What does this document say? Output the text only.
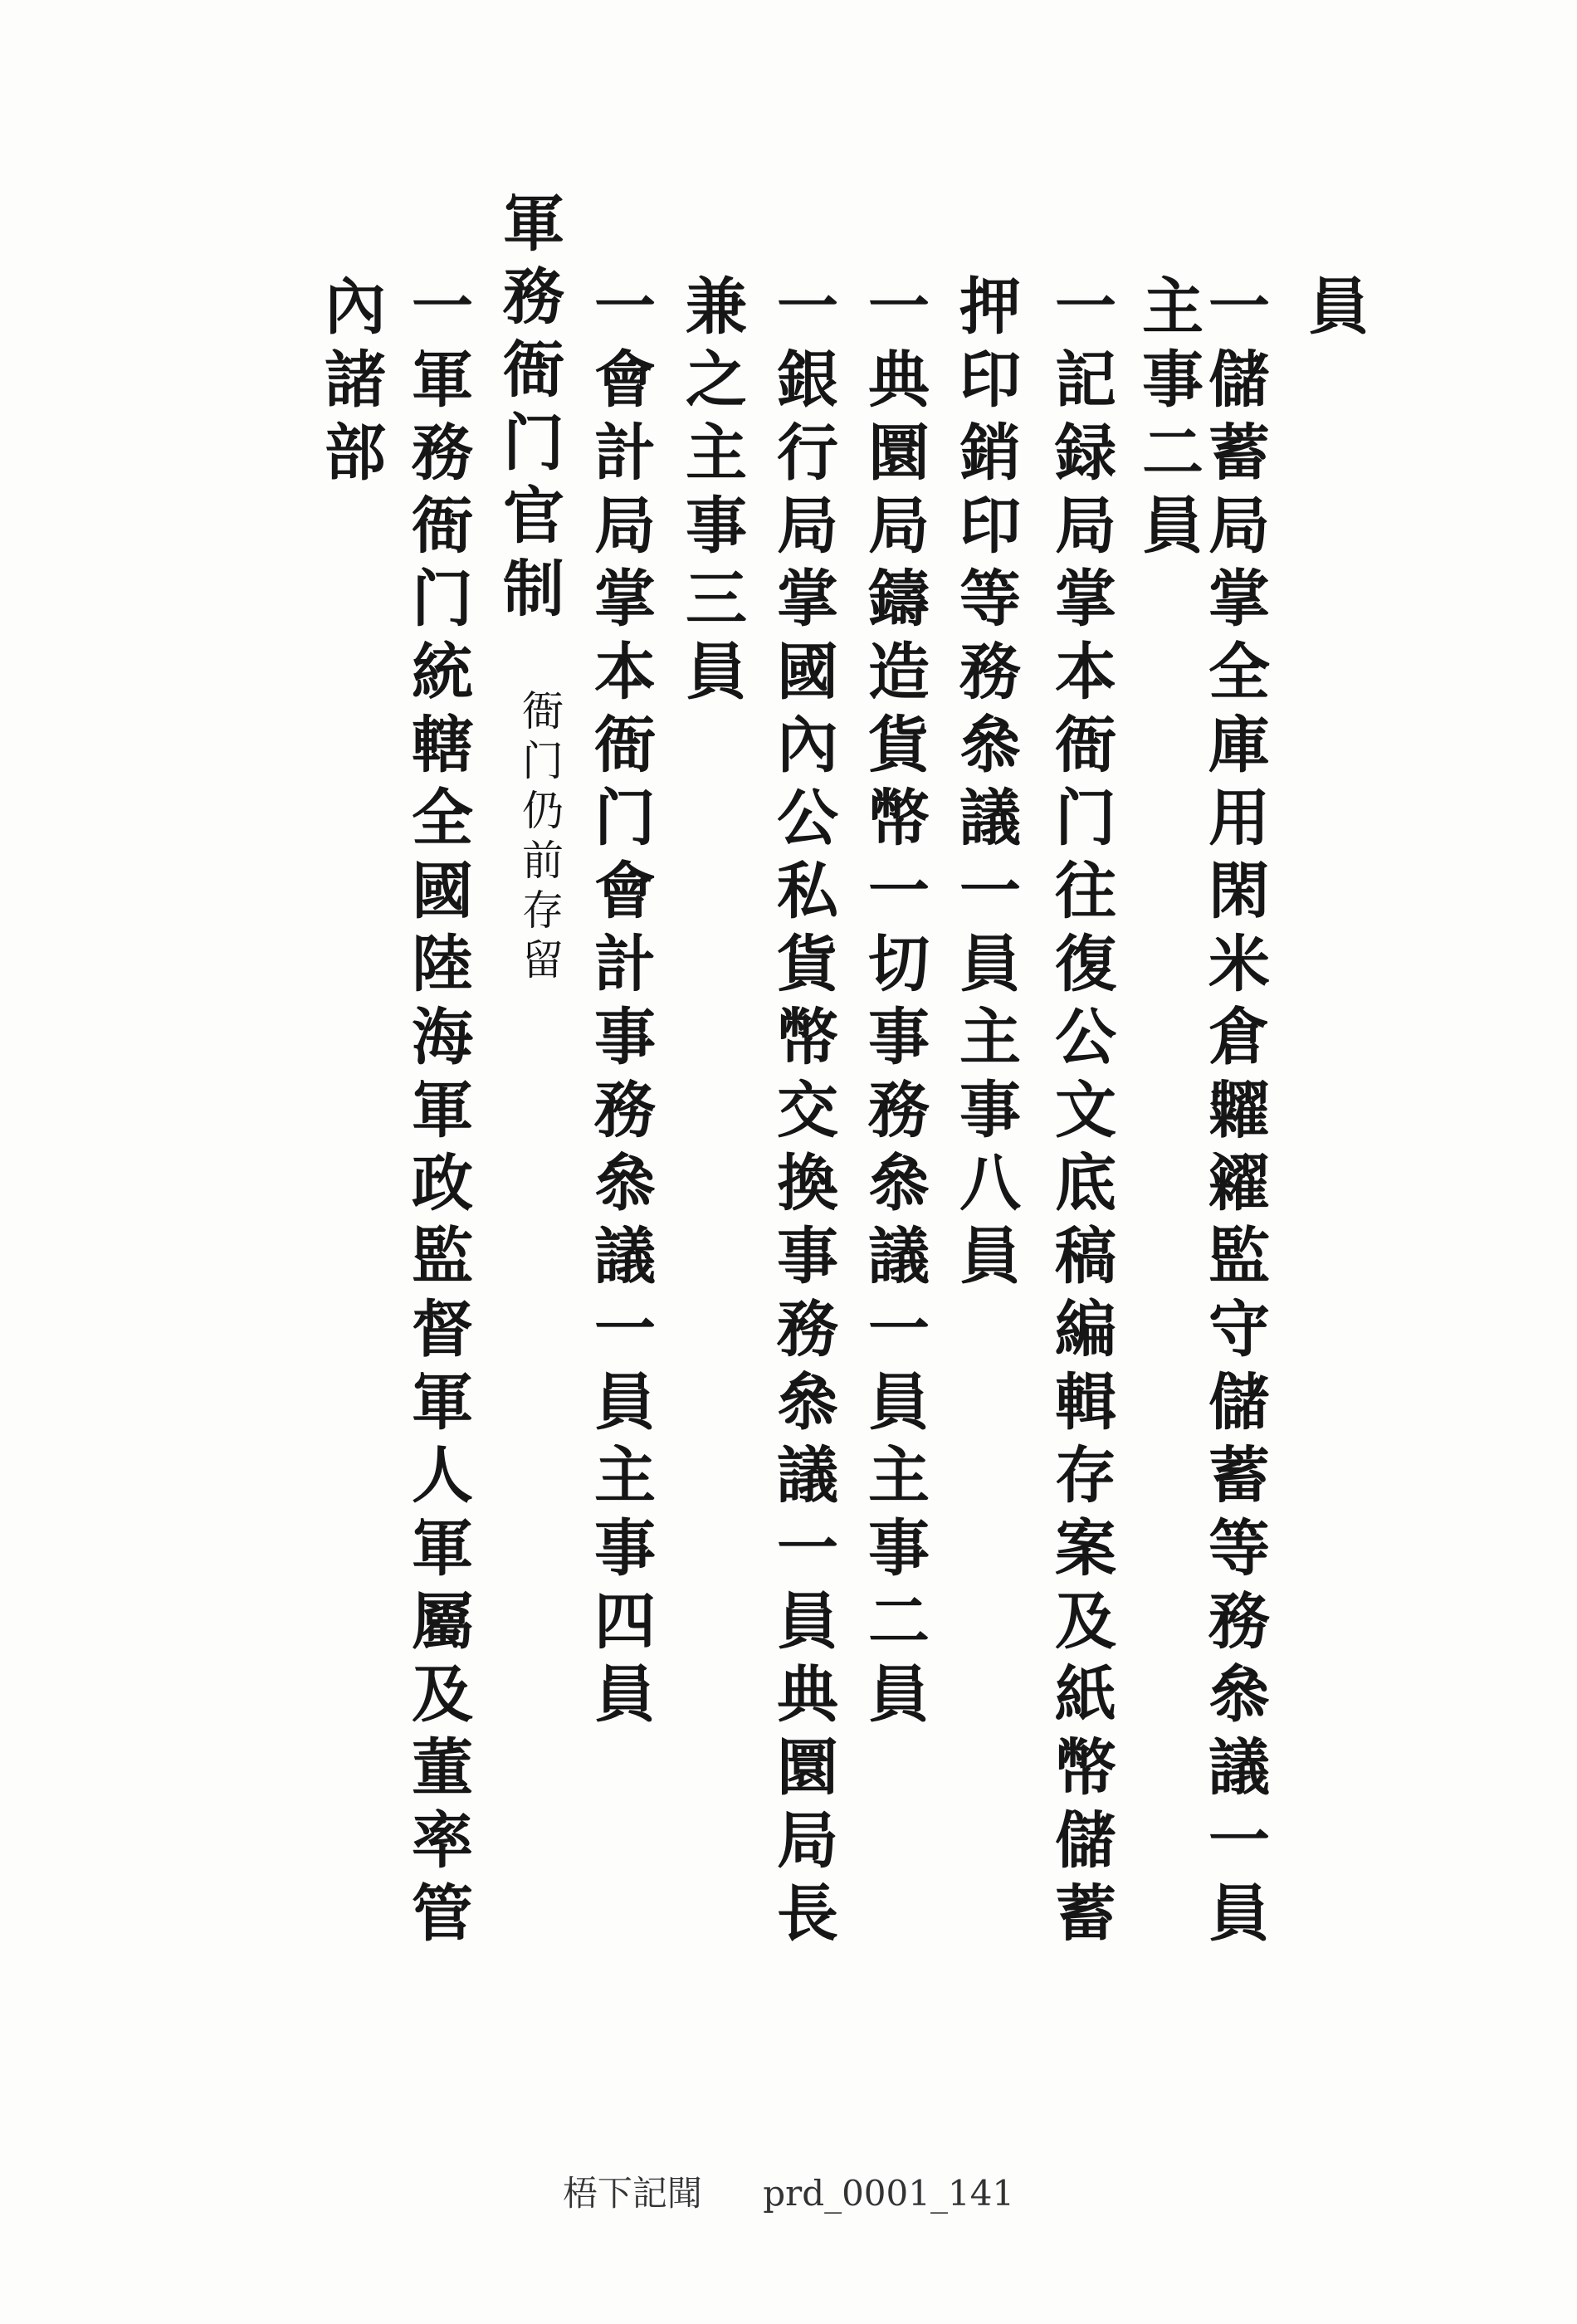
員
一儲蓄局掌全庫用閑米倉糶糴監守儲蓄等務叅議一員
主事二員
一記録局掌本衙门往復公文底稿編輯存案及紙幣儲蓄
押印銷印等務叅議一員主事八員
一典圜局鑄造貨幣一切事務叅議一員主事二員
一銀行局掌國內公私貨幣交換事務叅議一員典圜局長
兼之主事三員
一會計局掌本衙门會計事務叅議一員主事四員
衙门仍前存留
軍務衙门官制
一軍務衙门統轄全國陸海軍政監督軍人軍屬及董率管
內諸部
梧下記聞 prd_0001_141
